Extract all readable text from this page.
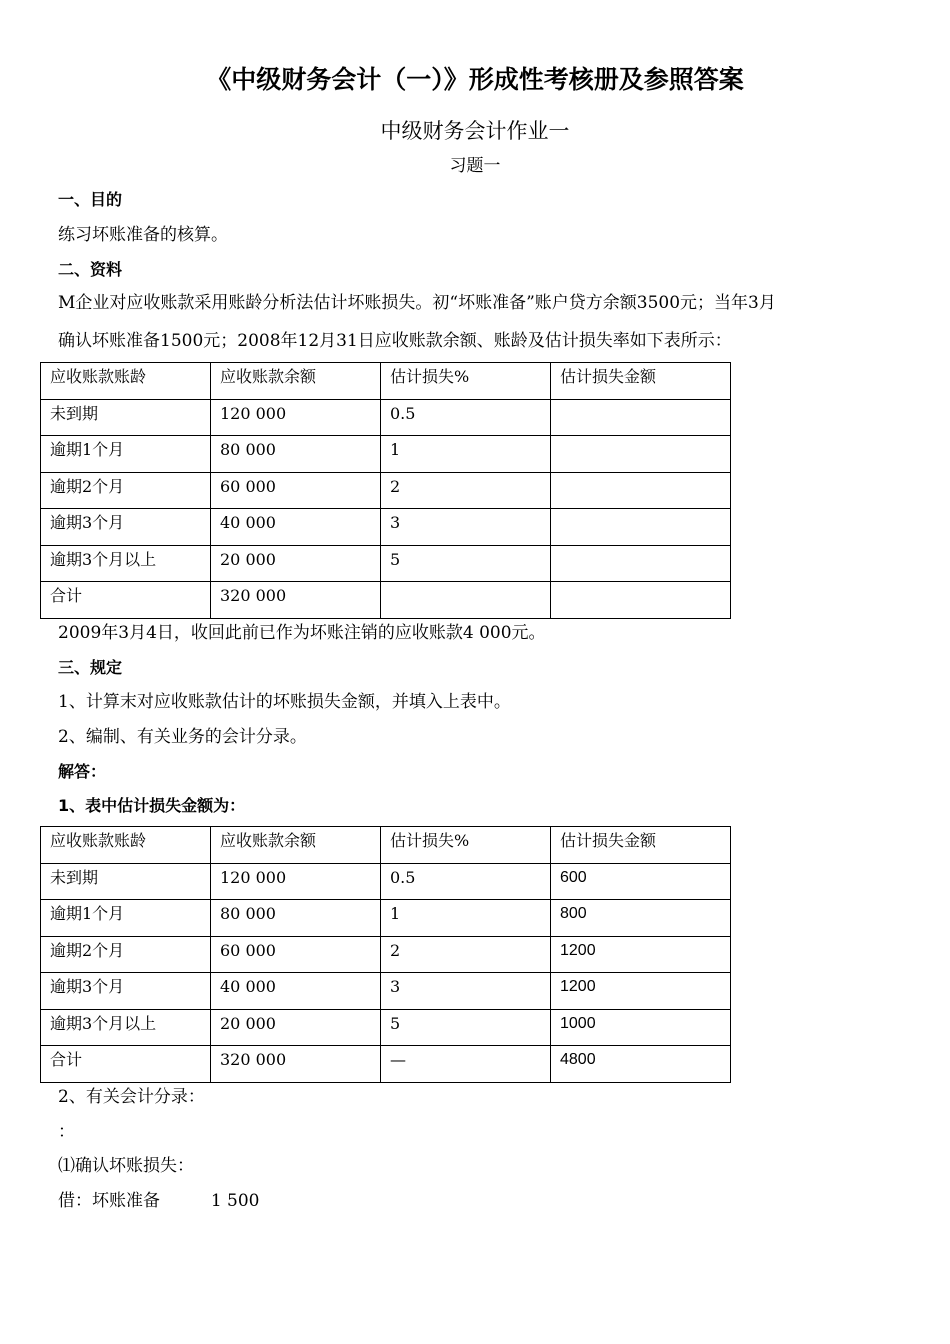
《中级财务会计（一）》形成性考核册及参照答案
中级财务会计作业一
习题一
一、目的
练习坏账准备的核算。
二、资料
M企业对应收账款采用账龄分析法估计坏账损失。初“坏账准备”账户贷方余额3500元；当年3月
确认坏账准备1500元；2008年12月31日应收账款余额、账龄及估计损失率如下表所示：
应收账款账龄	应收账款余额	估计损失%	估计损失金额
未到期	120 000	0.5	
逾期1个月	80 000	1	
逾期2个月	60 000	2	
逾期3个月	40 000	3	
逾期3个月以上	20 000	5	
合计	320 000		
2009年3月4日，收回此前已作为坏账注销的应收账款4 000元。
三、规定
1、计算末对应收账款估计的坏账损失金额，并填入上表中。
2、编制、有关业务的会计分录。
解答：
1、表中估计损失金额为：
应收账款账龄	应收账款余额	估计损失%	估计损失金额
未到期	120 000	0.5	600
逾期1个月	80 000	1	800
逾期2个月	60 000	2	1200
逾期3个月	40 000	3	1200
逾期3个月以上	20 000	5	1000
合计	320 000	—	4800
2、有关会计分录：
：
⑴确认坏账损失：
借：坏账准备	1 500
